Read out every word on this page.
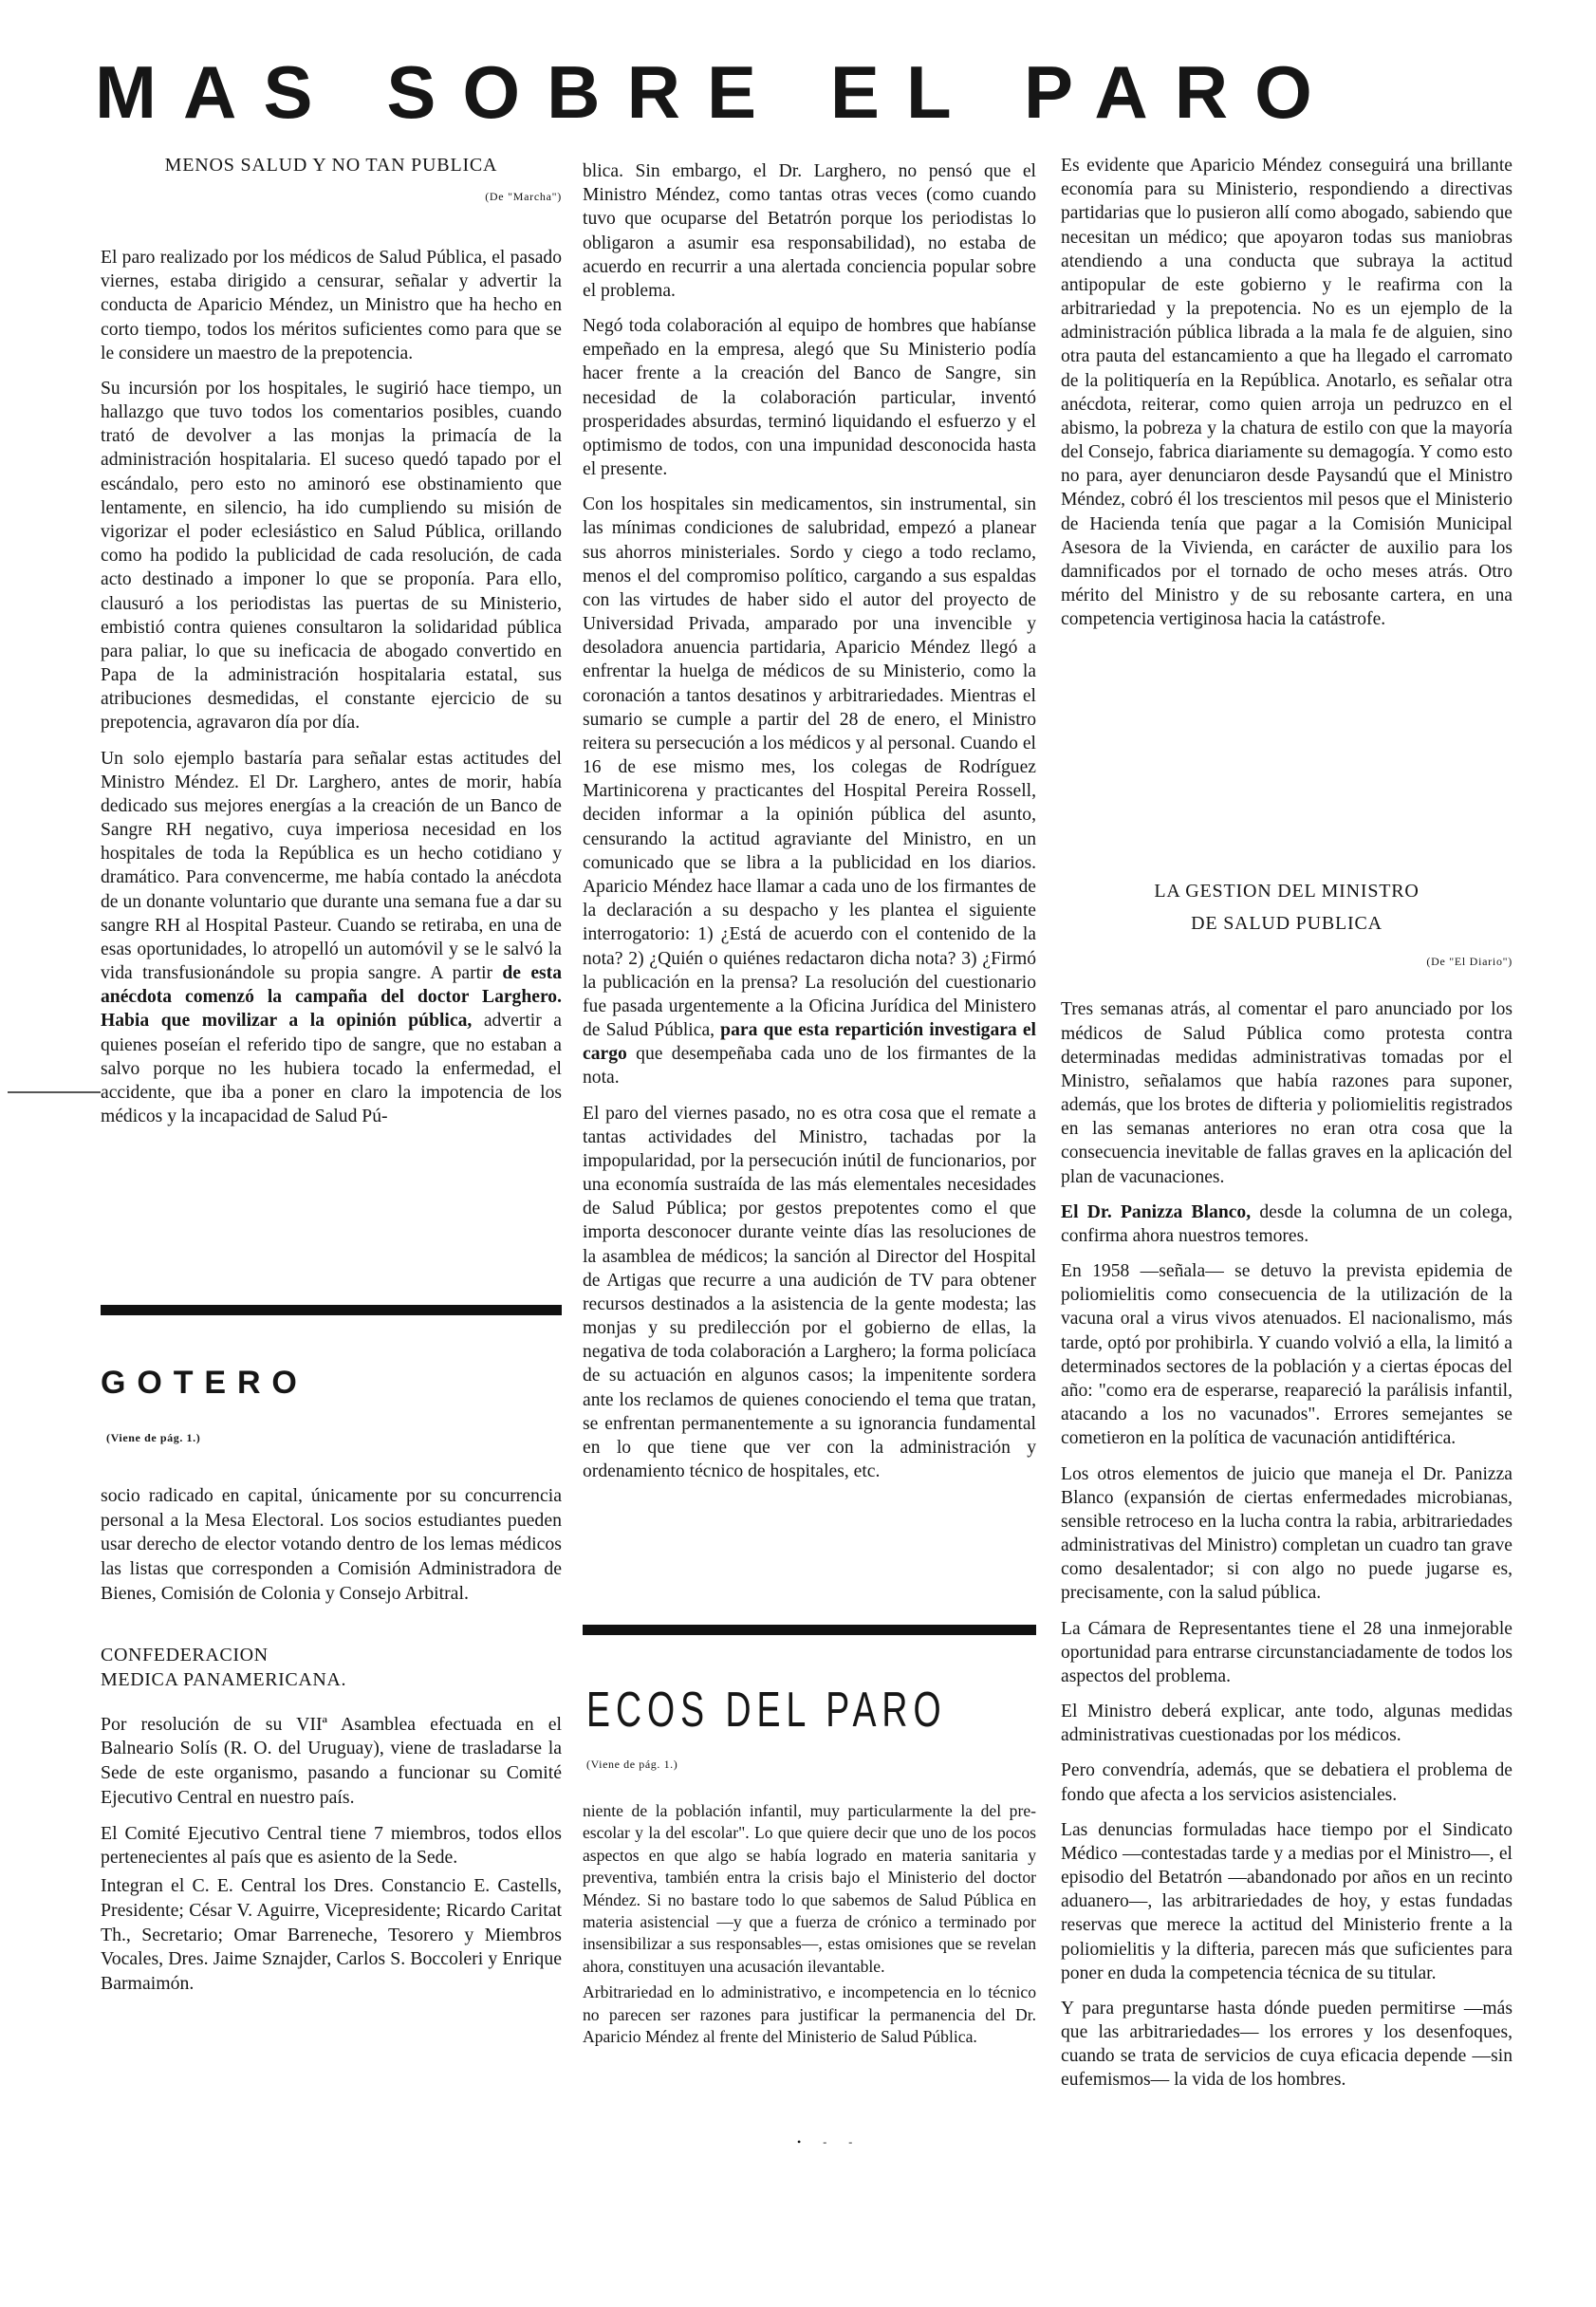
MAS SOBRE EL PARO
MENOS SALUD Y NO TAN PUBLICA
(De "Marcha")

El paro realizado por los médicos de Salud Pública, el pasado viernes, estaba dirigido a censurar, señalar y advertir la conducta de Aparicio Méndez, un Ministro que ha hecho en corto tiempo, todos los méritos suficientes como para que se le considere un maestro de la prepotencia.

Su incursión por los hospitales, le sugirió hace tiempo, un hallazgo que tuvo todos los comentarios posibles, cuando trató de devolver a las monjas la primacía de la administración hospitalaria. El suceso quedó tapado por el escándalo, pero esto no aminoró ese obstinamiento que lentamente, en silencio, ha ido cumpliendo su misión de vigorizar el poder eclesiástico en Salud Pública, orillando como ha podido la publicidad de cada resolución, de cada acto destinado a imponer lo que se proponía. Para ello, clausuró a los periodistas las puertas de su Ministerio, embistió contra quienes consultaron la solidaridad pública para paliar, lo que su ineficacia de abogado convertido en Papa de la administración hospitalaria estatal, sus atribuciones desmedidas, el constante ejercicio de su prepotencia, agravaron día por día.

Un solo ejemplo bastaría para señalar estas actitudes del Ministro Méndez. El Dr. Larghero, antes de morir, había dedicado sus mejores energías a la creación de un Banco de Sangre RH negativo, cuya imperiosa necesidad en los hospitales de toda la República es un hecho cotidiano y dramático. Para convencerme, me había contado la anécdota de un donante voluntario que durante una semana fue a dar su sangre RH al Hospital Pasteur. Cuando se retiraba, en una de esas oportunidades, lo atropelló un automóvil y se le salvó la vida transfusionándole su propia sangre. A partir de esta anécdota comenzó la campaña del doctor Larghero. Habia que movilizar a la opinión pública, advertir a quienes poseían el referido tipo de sangre, que no estaban a salvo porque no les hubiera tocado la enfermedad, el accidente, que iba a poner en claro la impotencia de los médicos y la incapacidad de Salud Pú-

GOTERO
(Viene de pág. 1.)

socio radicado en capital, únicamente por su concurrencia personal a la Mesa Electoral. Los socios estudiantes pueden usar derecho de elector votando dentro de los lemas médicos las listas que corresponden a Comisión Administradora de Bienes, Comisión de Colonia y Consejo Arbitral.

CONFEDERACION
MEDICA PANAMERICANA.

Por resolución de su VIIª Asamblea efectuada en el Balneario Solís (R. O. del Uruguay), viene de trasladarse la Sede de este organismo, pasando a funcionar su Comité Ejecutivo Central en nuestro país.

El Comité Ejecutivo Central tiene 7 miembros, todos ellos pertenecientes al país que es asiento de la Sede.

Integran el C. E. Central los Dres. Constancio E. Castells, Presidente; César V. Aguirre, Vicepresidente; Ricardo Caritat Th., Secretario; Omar Barreneche, Tesorero y Miembros Vocales, Dres. Jaime Sznajder, Carlos S. Boccoleri y Enrique Barmaimón.

blica. Sin embargo, el Dr. Larghero, no pensó que el Ministro Méndez, como tantas otras veces (como cuando tuvo que ocuparse del Betatrón porque los periodistas lo obligaron a asumir esa responsabilidad), no estaba de acuerdo en recurrir a una alertada conciencia popular sobre el problema.

Negó toda colaboración al equipo de hombres que habíanse empeñado en la empresa, alegó que Su Ministerio podía hacer frente a la creación del Banco de Sangre, sin necesidad de la colaboración particular, inventó prosperidades absurdas, terminó liquidando el esfuerzo y el optimismo de todos, con una impunidad desconocida hasta el presente.

Con los hospitales sin medicamentos, sin instrumental, sin las mínimas condiciones de salubridad, empezó a planear sus ahorros ministeriales. Sordo y ciego a todo reclamo, menos el del compromiso político, cargando a sus espaldas con las virtudes de haber sido el autor del proyecto de Universidad Privada, amparado por una invencible y desoladora anuencia partidaria, Aparicio Méndez llegó a enfrentar la huelga de médicos de su Ministerio, como la coronación a tantos desatinos y arbitrariedades. Mientras el sumario se cumple a partir del 28 de enero, el Ministro reitera su persecución a los médicos y al personal. Cuando el 16 de ese mismo mes, los colegas de Rodríguez Martinicorena y practicantes del Hospital Pereira Rossell, deciden informar a la opinión pública del asunto, censurando la actitud agraviante del Ministro, en un comunicado que se libra a la publicidad en los diarios. Aparicio Méndez hace llamar a cada uno de los firmantes de la declaración a su despacho y les plantea el siguiente interrogatorio: 1) ¿Está de acuerdo con el contenido de la nota? 2) ¿Quién o quiénes redactaron dicha nota? 3) ¿Firmó la publicación en la prensa? La resolución del cuestionario fue pasada urgentemente a la Oficina Jurídica del Ministero de Salud Pública, para que esta repartición investigara el cargo que desempeñaba cada uno de los firmantes de la nota.

El paro del viernes pasado, no es otra cosa que el remate a tantas actividades del Ministro, tachadas por la impopularidad, por la persecución inútil de funcionarios, por una economía sustraída de las más elementales necesidades de Salud Pública; por gestos prepotentes como el que importa desconocer durante veinte días las resoluciones de la asamblea de médicos; la sanción al Director del Hospital de Artigas que recurre a una audición de TV para obtener recursos destinados a la asistencia de la gente modesta; las monjas y su predilección por el gobierno de ellas, la negativa de toda colaboración a Larghero; la forma policíaca de su actuación en algunos casos; la impenitente sordera ante los reclamos de quienes conociendo el tema que tratan, se enfrentan permanentemente a su ignorancia fundamental en lo que tiene que ver con la administración y ordenamiento técnico de hospitales, etc.

ECOS DEL PARO
(Viene de pág. 1.)

niente de la población infantil, muy particularmente la del pre-escolar y la del escolar". Lo que quiere decir que uno de los pocos aspectos en que algo se había logrado en materia sanitaria y preventiva, también entra la crisis bajo el Ministerio del doctor Méndez. Si no bastare todo lo que sabemos de Salud Pública en materia asistencial —y que a fuerza de crónico a terminado por insensibilizar a sus responsables—, estas omisiones que se revelan ahora, constituyen una acusación ilevantable.

Arbitrariedad en lo administrativo, e incompetencia en lo técnico no parecen ser razones para justificar la permanencia del Dr. Aparicio Méndez al frente del Ministerio de Salud Pública.

• - -

Es evidente que Aparicio Méndez conseguirá una brillante economía para su Ministerio, respondiendo a directivas partidarias que lo pusieron allí como abogado, sabiendo que necesitan un médico; que apoyaron todas sus maniobras atendiendo a una conducta que subraya la actitud antipopular de este gobierno y le reafirma con la arbitrariedad y la prepotencia. No es un ejemplo de la administración pública librada a la mala fe de alguien, sino otra pauta del estancamiento a que ha llegado el carromato de la politiquería en la República. Anotarlo, es señalar otra anécdota, reiterar, como quien arroja un pedruzco en el abismo, la pobreza y la chatura de estilo con que la mayoría del Consejo, fabrica diariamente su demagogía. Y como esto no para, ayer denunciaron desde Paysandú que el Ministro Méndez, cobró él los trescientos mil pesos que el Ministerio de Hacienda tenía que pagar a la Comisión Municipal Asesora de la Vivienda, en carácter de auxilio para los damnificados por el tornado de ocho meses atrás. Otro mérito del Ministro y de su rebosante cartera, en una competencia vertiginosa hacia la catástrofe.

LA GESTION DEL MINISTRO
DE SALUD PUBLICA
(De "El Diario")

Tres semanas atrás, al comentar el paro anunciado por los médicos de Salud Pública como protesta contra determinadas medidas administrativas tomadas por el Ministro, señalamos que había razones para suponer, además, que los brotes de difteria y poliomielitis registrados en las semanas anteriores no eran otra cosa que la consecuencia inevitable de fallas graves en la aplicación del plan de vacunaciones.

El Dr. Panizza Blanco, desde la columna de un colega, confirma ahora nuestros temores.

En 1958 —señala— se detuvo la prevista epidemia de poliomielitis como consecuencia de la utilización de la vacuna oral a virus vivos atenuados. El nacionalismo, más tarde, optó por prohibirla. Y cuando volvió a ella, la limitó a determinados sectores de la población y a ciertas épocas del año: "como era de esperarse, reapareció la parálisis infantil, atacando a los no vacunados". Errores semejantes se cometieron en la política de vacunación antidiftérica.

Los otros elementos de juicio que maneja el Dr. Panizza Blanco (expansión de ciertas enfermedades microbianas, sensible retroceso en la lucha contra la rabia, arbitrariedades administrativas del Ministro) completan un cuadro tan grave como desalentador; si con algo no puede jugarse es, precisamente, con la salud pública.

La Cámara de Representantes tiene el 28 una inmejorable oportunidad para entrarse circunstanciadamente de todos los aspectos del problema.

El Ministro deberá explicar, ante todo, algunas medidas administrativas cuestionadas por los médicos.

Pero convendría, además, que se debatiera el problema de fondo que afecta a los servicios asistenciales.

Las denuncias formuladas hace tiempo por el Sindicato Médico —contestadas tarde y a medias por el Ministro—, el episodio del Betatrón —abandonado por años en un recinto aduanero—, las arbitrariedades de hoy, y estas fundadas reservas que merece la actitud del Ministerio frente a la poliomielitis y la difteria, parecen más que suficientes para poner en duda la competencia técnica de su titular.

Y para preguntarse hasta dónde pueden permitirse —más que las arbitrariedades— los errores y los desenfoques, cuando se trata de servicios de cuya eficacia depende —sin eufemismos— la vida de los hombres.
